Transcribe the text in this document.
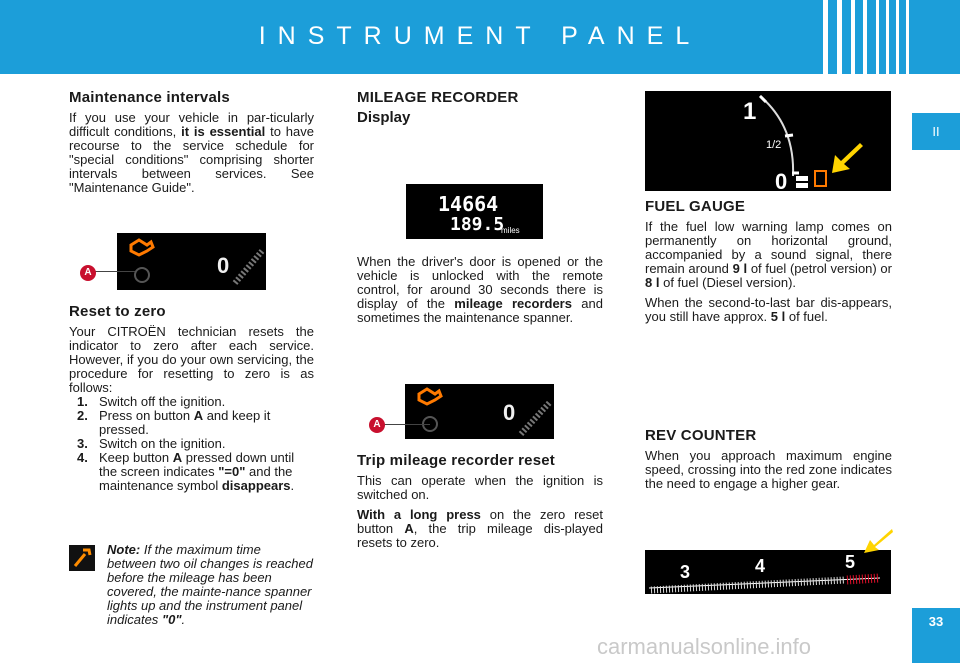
INSTRUMENT PANEL
II
33
Maintenance intervals

If you use your vehicle in par-ticularly difficult conditions, it is essential to have recourse to the service schedule for "special conditions" comprising shorter intervals between services. See "Maintenance Guide".

0
A
Reset to zero

Your CITROËN technician resets the indicator to zero after each service. However, if you do your own servicing, the procedure for resetting to zero is as follows:

1. Switch off the ignition.
2. Press on button A and keep it pressed.
3. Switch on the ignition.
4. Keep button A pressed down until the screen indicates "=0" and the maintenance symbol disappears.
Note: If the maximum time between two oil changes is reached before the mileage has been covered, the mainte-nance spanner lights up and the instrument panel indicates "0".
MILEAGE RECORDER
Display
14664
189.5
miles

When the driver's door is opened or the vehicle is unlocked with the remote control, for around 30 seconds there is display of the mileage recorders and sometimes the maintenance spanner.

0
A
Trip mileage recorder reset

This can operate when the ignition is switched on.

With a long press on the zero reset button A, the trip mileage dis-played resets to zero.

1
1/2
0
FUEL GAUGE

If the fuel low warning lamp comes on permanently on horizontal ground, accompanied by a sound signal, there remain around 9 l of fuel (petrol version) or 8 l of fuel (Diesel version).

When the second-to-last bar dis-appears, you still have approx. 5 l of fuel.

REV COUNTER

When you approach maximum engine speed, crossing into the red zone indicates the need to engage a higher gear.

3	4	5
carmanualsonline.info
